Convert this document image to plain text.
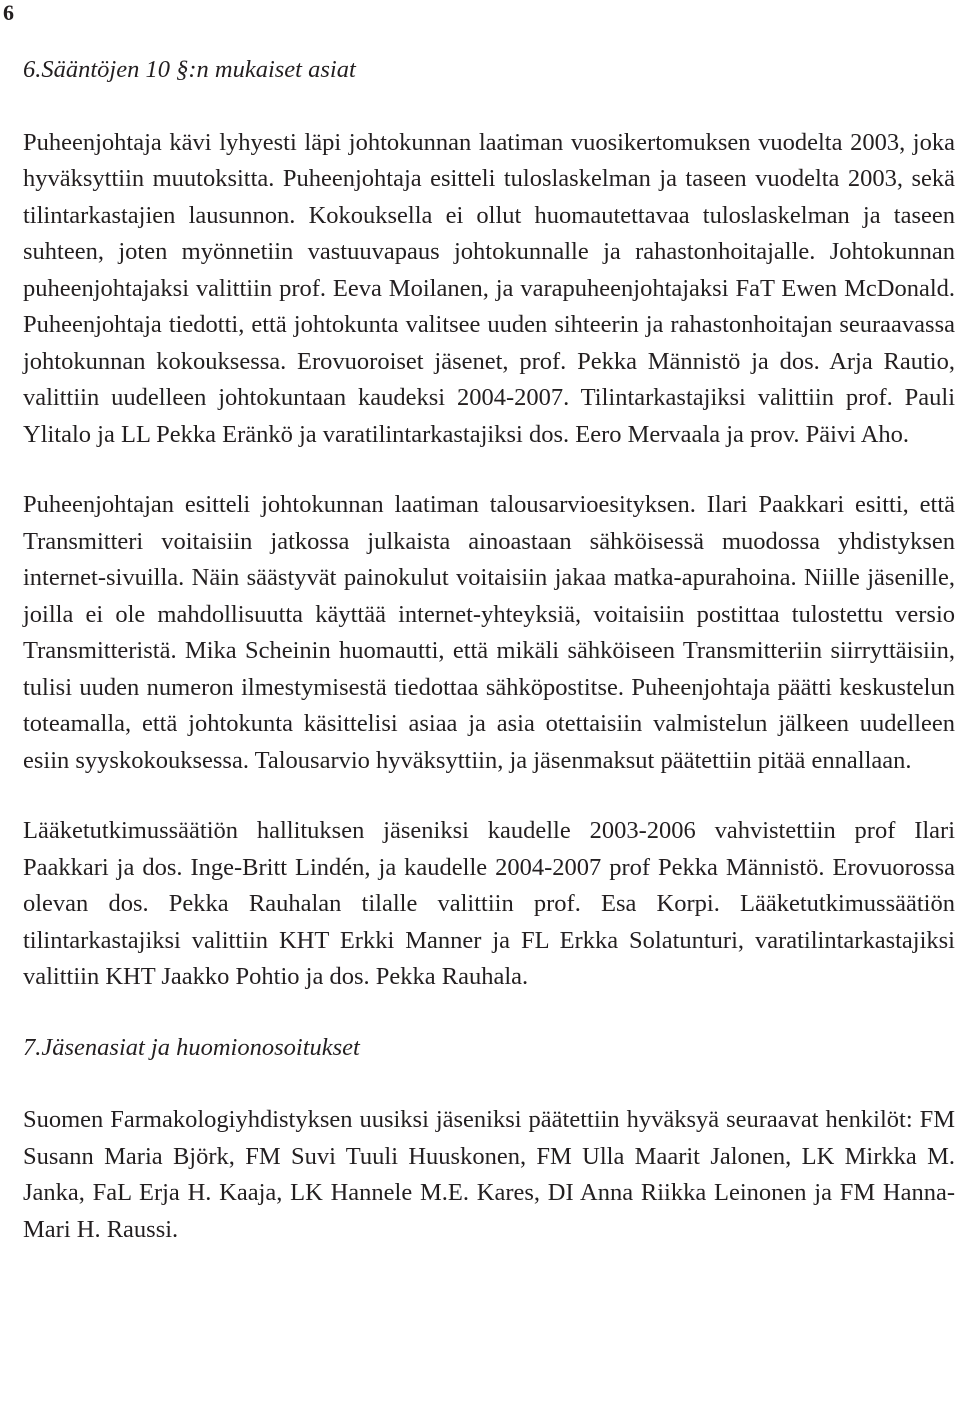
6
6.Sääntöjen 10 §:n mukaiset asiat

Puheenjohtaja kävi lyhyesti läpi johtokunnan laatiman vuosikertomuksen vuodelta 2003, joka hyväksyttiin muutoksitta. Puheenjohtaja esitteli tuloslaskelman ja taseen vuodelta 2003, sekä tilintarkastajien lausunnon. Kokouksella ei ollut huomautettavaa tuloslaskelman ja taseen suhteen, joten myönnetiin vastuuvapaus johtokunnalle ja rahastonhoitajalle. Johtokunnan puheenjohtajaksi valittiin prof. Eeva Moilanen, ja varapuheenjohtajaksi FaT Ewen McDonald. Puheenjohtaja tiedotti, että johtokunta valitsee uuden sihteerin ja rahastonhoitajan seuraavassa johtokunnan kokouksessa. Erovuoroiset jäsenet, prof. Pekka Männistö ja dos. Arja Rautio, valittiin uudelleen johtokuntaan kaudeksi 2004-2007. Tilintarkastajiksi valittiin prof. Pauli Ylitalo ja LL Pekka Eränkö ja varatilintarkastajiksi dos. Eero Mervaala ja prov. Päivi Aho.

Puheenjohtajan esitteli johtokunnan laatiman talousarvioesityksen. Ilari Paakkari esitti, että Transmitteri voitaisiin jatkossa julkaista ainoastaan sähköisessä muodossa yhdistyksen internet-sivuilla. Näin säästyvät painokulut voitaisiin jakaa matka-apurahoina. Niille jäsenille, joilla ei ole mahdollisuutta käyttää internet-yhteyksiä, voitaisiin postittaa tulostettu versio Transmitteristä. Mika Scheinin huomautti, että mikäli sähköiseen Transmitteriin siirryttäisiin, tulisi uuden numeron ilmestymisestä tiedottaa sähköpostitse. Puheenjohtaja päätti keskustelun toteamalla, että johtokunta käsittelisi asiaa ja asia otettaisiin valmistelun jälkeen uudelleen esiin syyskokouksessa. Talousarvio hyväksyttiin, ja jäsenmaksut päätettiin pitää ennallaan.

Lääketutkimussäätiön hallituksen jäseniksi kaudelle 2003-2006 vahvistettiin prof Ilari Paakkari ja dos. Inge-Britt Lindén, ja kaudelle 2004-2007 prof Pekka Männistö. Erovuorossa olevan dos. Pekka Rauhalan tilalle valittiin prof. Esa Korpi. Lääketutkimussäätiön tilintarkastajiksi valittiin KHT Erkki Manner ja FL Erkka Solatunturi, varatilintarkastajiksi valittiin KHT Jaakko Pohtio ja dos. Pekka Rauhala.

7.Jäsenasiat ja huomionosoitukset

Suomen Farmakologiyhdistyksen uusiksi jäseniksi päätettiin hyväksyä seuraavat henkilöt: FM Susann Maria Björk, FM Suvi Tuuli Huuskonen, FM Ulla Maarit Jalonen, LK Mirkka M. Janka, FaL Erja H. Kaaja, LK Hannele M.E. Kares, DI Anna Riikka Leinonen ja FM Hanna-Mari H. Raussi.
